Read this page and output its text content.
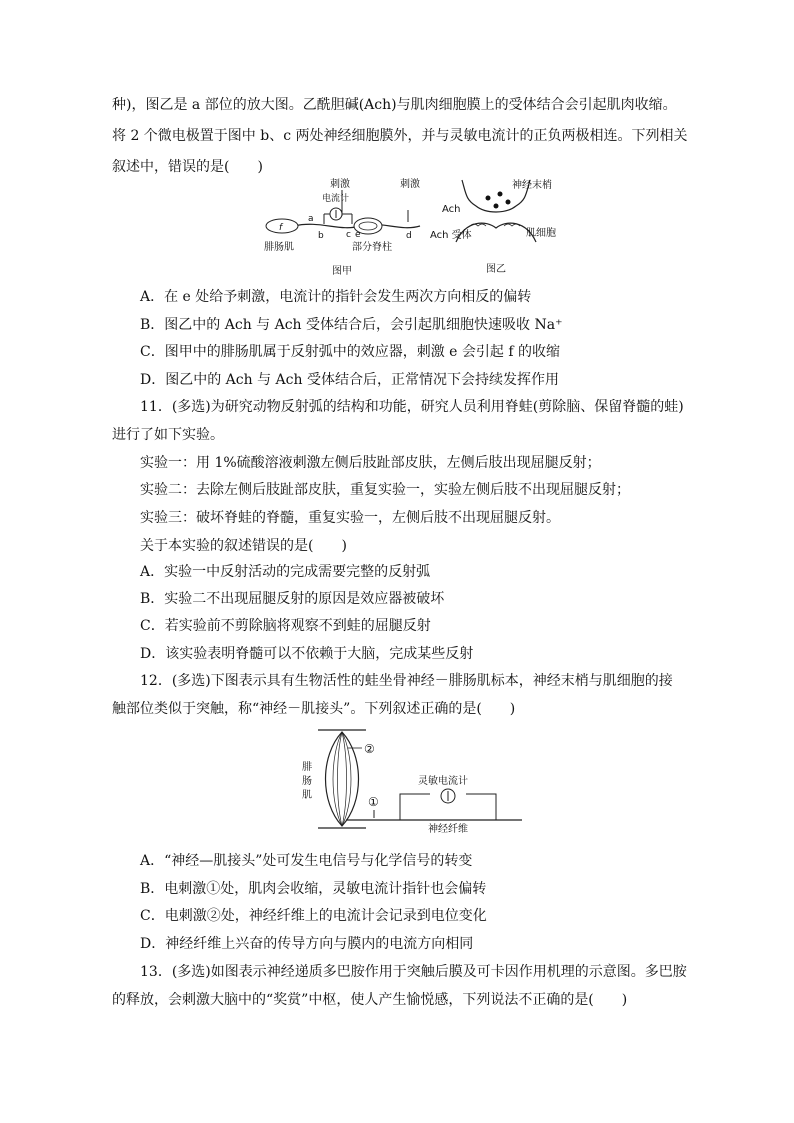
种)，图乙是 a 部位的放大图。乙酰胆碱(Ach)与肌肉细胞膜上的受体结合会引起肌肉收缩。
将 2 个微电极置于图中 b、c 两处神经细胞膜外，并与灵敏电流计的正负两极相连。下列相关
叙述中，错误的是(　　)
刺激
电流计
f
a
b c e
刺激
d
腓肠肌	部分脊柱
图甲
神经末梢
Ach
Ach 受体	肌细胞
图乙
A．在 e 处给予刺激，电流计的指针会发生两次方向相反的偏转
B．图乙中的 Ach 与 Ach 受体结合后，会引起肌细胞快速吸收 Na⁺
C．图甲中的腓肠肌属于反射弧中的效应器，刺激 e 会引起 f 的收缩
D．图乙中的 Ach 与 Ach 受体结合后，正常情况下会持续发挥作用
11．(多选)为研究动物反射弧的结构和功能，研究人员利用脊蛙(剪除脑、保留脊髓的蛙)
进行了如下实验。
实验一：用 1%硫酸溶液刺激左侧后肢趾部皮肤，左侧后肢出现屈腿反射；
实验二：去除左侧后肢趾部皮肤，重复实验一，实验左侧后肢不出现屈腿反射；
实验三：破坏脊蛙的脊髓，重复实验一，左侧后肢不出现屈腿反射。
关于本实验的叙述错误的是(　　)
A．实验一中反射活动的完成需要完整的反射弧
B．实验二不出现屈腿反射的原因是效应器被破坏
C．若实验前不剪除脑将观察不到蛙的屈腿反射
D．该实验表明脊髓可以不依赖于大脑，完成某些反射
12．(多选)下图表示具有生物活性的蛙坐骨神经－腓肠肌标本，神经末梢与肌细胞的接
触部位类似于突触，称“神经－肌接头”。下列叙述正确的是(　　)
②
腓
肠
肌	①
灵敏电流计
神经纤维
A．“神经—肌接头”处可发生电信号与化学信号的转变
B．电刺激①处，肌肉会收缩，灵敏电流计指针也会偏转
C．电刺激②处，神经纤维上的电流计会记录到电位变化
D．神经纤维上兴奋的传导方向与膜内的电流方向相同
13．(多选)如图表示神经递质多巴胺作用于突触后膜及可卡因作用机理的示意图。多巴胺
的释放，会刺激大脑中的“奖赏”中枢，使人产生愉悦感，下列说法不正确的是(　　)
